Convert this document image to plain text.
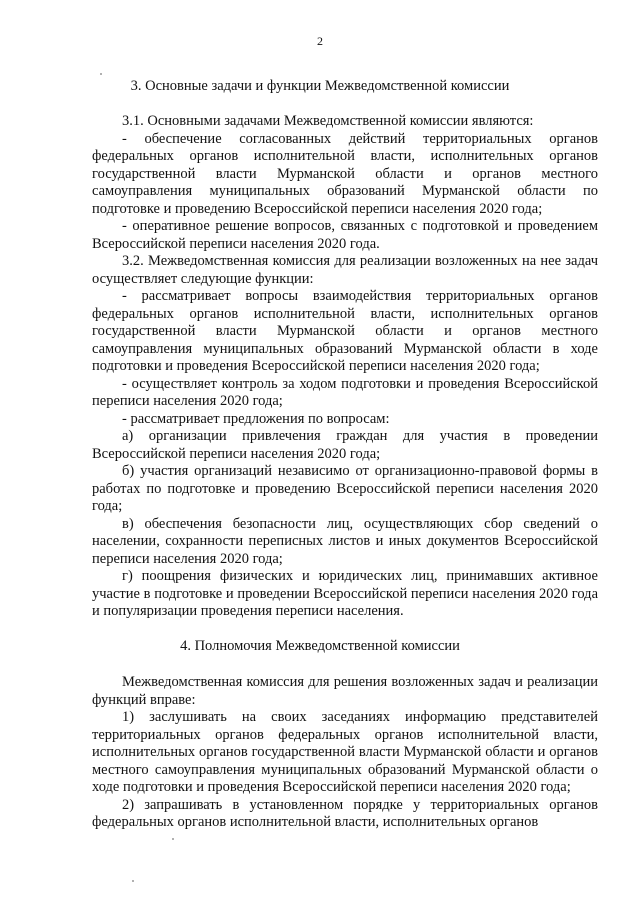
2
3. Основные задачи и функции Межведомственной комиссии

3.1. Основными задачами Межведомственной комиссии являются:

- обеспечение согласованных действий территориальных органов федеральных органов исполнительной власти, исполнительных органов государственной власти Мурманской области и органов местного самоуправления муниципальных образований Мурманской области по подготовке и проведению Всероссийской переписи населения 2020 года;

- оперативное решение вопросов, связанных с подготовкой и проведением Всероссийской переписи населения 2020 года.

3.2. Межведомственная комиссия для реализации возложенных на нее задач осуществляет следующие функции:

- рассматривает вопросы взаимодействия территориальных органов федеральных органов исполнительной власти, исполнительных органов государственной власти Мурманской области и органов местного самоуправления муниципальных образований Мурманской области в ходе подготовки и проведения Всероссийской переписи населения 2020 года;

- осуществляет контроль за ходом подготовки и проведения Всероссийской переписи населения 2020 года;

- рассматривает предложения по вопросам:

а) организации привлечения граждан для участия в проведении Всероссийской переписи населения 2020 года;

б) участия организаций независимо от организационно-правовой формы в работах по подготовке и проведению Всероссийской переписи населения 2020 года;

в) обеспечения безопасности лиц, осуществляющих сбор сведений о населении, сохранности переписных листов и иных документов Всероссийской переписи населения 2020 года;

г) поощрения физических и юридических лиц, принимавших активное участие в подготовке и проведении Всероссийской переписи населения 2020 года и популяризации проведения переписи населения.

4. Полномочия Межведомственной комиссии

Межведомственная комиссия для решения возложенных задач и реализации функций вправе:

1) заслушивать на своих заседаниях информацию представителей территориальных органов федеральных органов исполнительной власти, исполнительных органов государственной власти Мурманской области и органов местного самоуправления муниципальных образований Мурманской области о ходе подготовки и проведения Всероссийской переписи населения 2020 года;

2) запрашивать в установленном порядке у территориальных органов федеральных органов исполнительной власти, исполнительных органов
